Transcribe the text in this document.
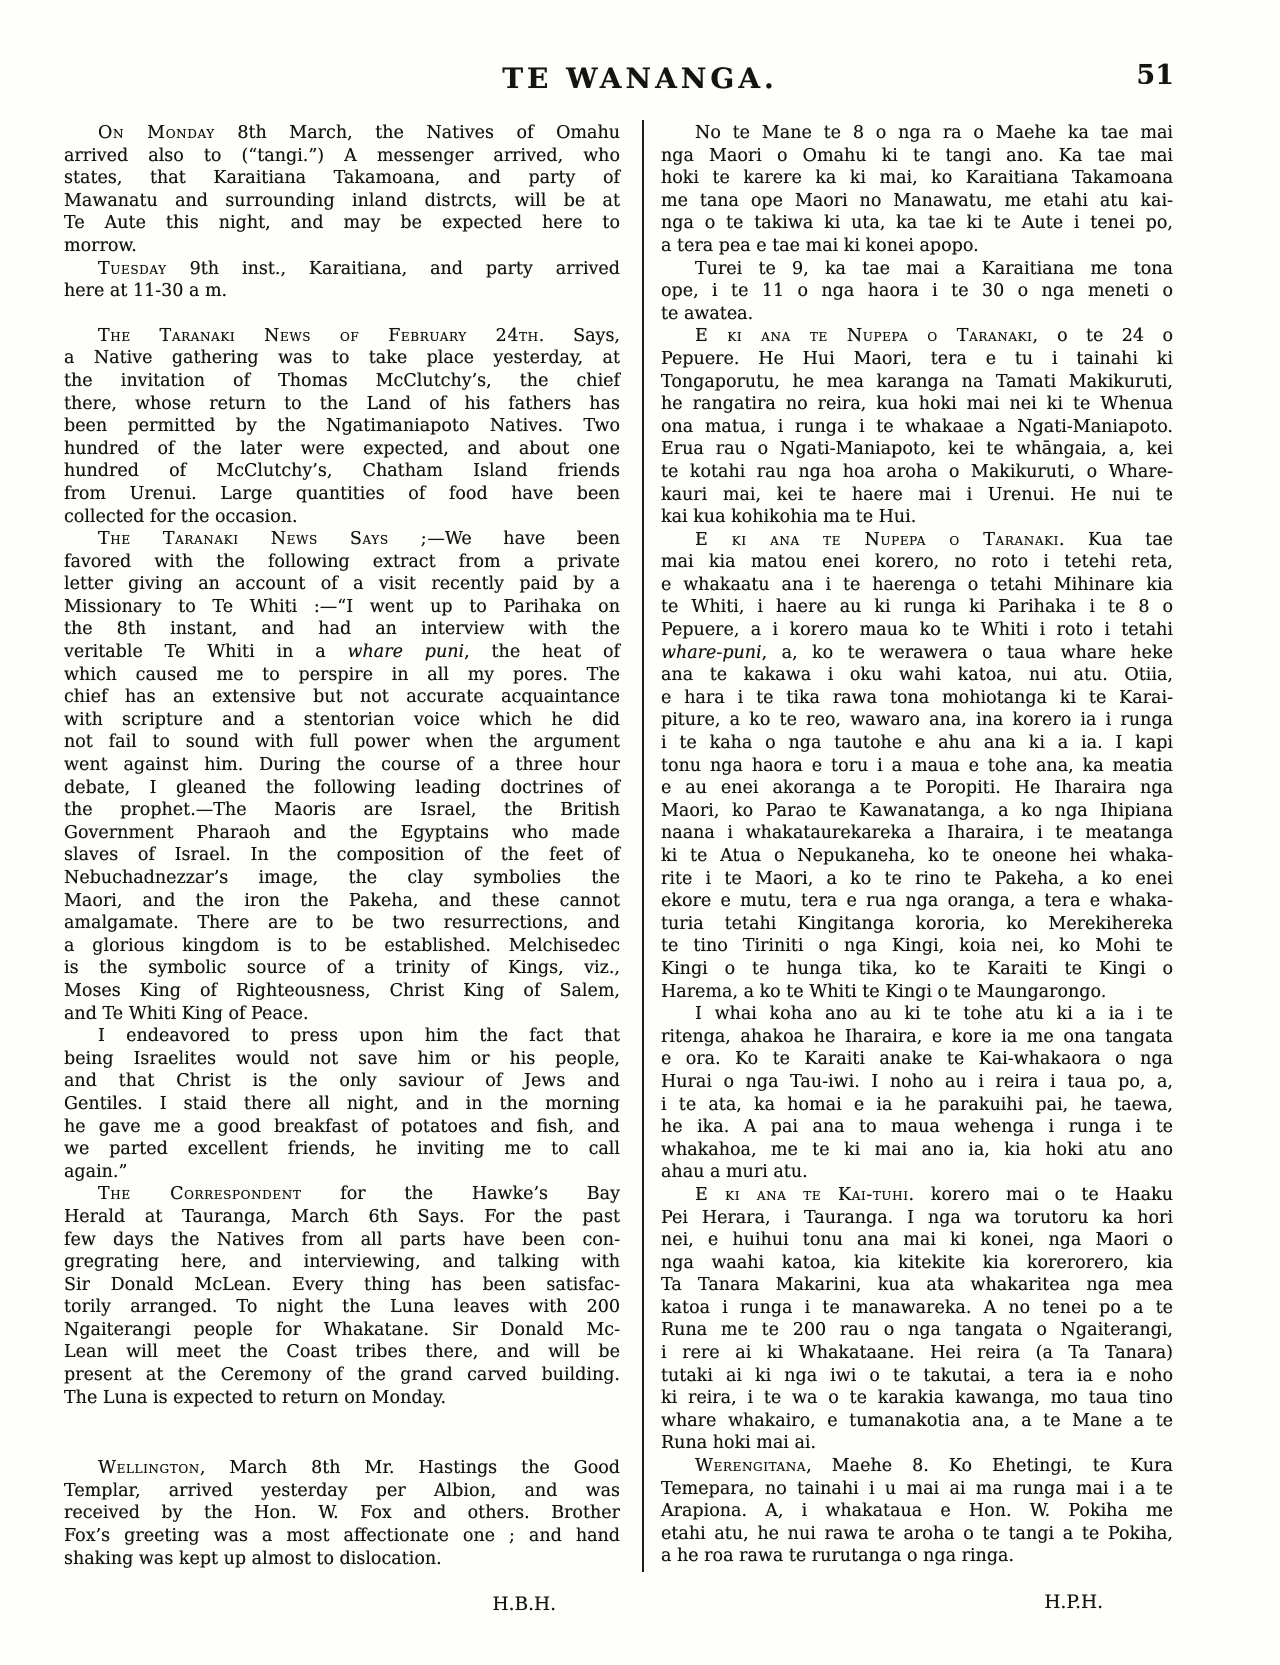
TE WANANGA.	51
On Monday 8th March, the Natives of Omahu
arrived also to (“tangi.”) A messenger arrived, who
states, that Karaitiana Takamoana, and party of
Mawanatu and surrounding inland distrcts, will be at
Te Aute this night, and may be expected here to
morrow.
Tuesday 9th inst., Karaitiana, and party arrived
here at 11-30 a m.
The Taranaki News of February 24th. Says,
a Native gathering was to take place yesterday, at
the invitation of Thomas McClutchy’s, the chief
there, whose return to the Land of his fathers has
been permitted by the Ngatimaniapoto Natives. Two
hundred of the later were expected, and about one
hundred of McClutchy’s, Chatham Island friends
from Urenui. Large quantities of food have been
collected for the occasion.
The Taranaki News Says ;—We have been
favored with the following extract from a private
letter giving an account of a visit recently paid by a
Missionary to Te Whiti :—“I went up to Parihaka on
the 8th instant, and had an interview with the
veritable Te Whiti in a whare puni, the heat of
which caused me to perspire in all my pores. The
chief has an extensive but not accurate acquaintance
with scripture and a stentorian voice which he did
not fail to sound with full power when the argument
went against him. During the course of a three hour
debate, I gleaned the following leading doctrines of
the prophet.—The Maoris are Israel, the British
Government Pharaoh and the Egyptains who made
slaves of Israel. In the composition of the feet of
Nebuchadnezzar’s image, the clay symbolies the
Maori, and the iron the Pakeha, and these cannot
amalgamate. There are to be two resurrections, and
a glorious kingdom is to be established. Melchisedec
is the symbolic source of a trinity of Kings, viz.,
Moses King of Righteousness, Christ King of Salem,
and Te Whiti King of Peace.
I endeavored to press upon him the fact that
being Israelites would not save him or his people,
and that Christ is the only saviour of Jews and
Gentiles. I staid there all night, and in the morning
he gave me a good breakfast of potatoes and fish, and
we parted excellent friends, he inviting me to call
again.”
The Correspondent for the Hawke’s Bay
Herald at Tauranga, March 6th Says. For the past
few days the Natives from all parts have been con-
gregrating here, and interviewing, and talking with
Sir Donald McLean. Every thing has been satisfac-
torily arranged. To night the Luna leaves with 200
Ngaiterangi people for Whakatane. Sir Donald Mc-
Lean will meet the Coast tribes there, and will be
present at the Ceremony of the grand carved building.
The Luna is expected to return on Monday.
Wellington, March 8th Mr. Hastings the Good
Templar, arrived yesterday per Albion, and was
received by the Hon. W. Fox and others. Brother
Fox’s greeting was a most affectionate one ; and hand
shaking was kept up almost to dislocation.
H.B.H.
No te Mane te 8 o nga ra o Maehe ka tae mai
nga Maori o Omahu ki te tangi ano. Ka tae mai
hoki te karere ka ki mai, ko Karaitiana Takamoana
me tana ope Maori no Manawatu, me etahi atu kai-
nga o te takiwa ki uta, ka tae ki te Aute i tenei po,
a tera pea e tae mai ki konei apopo.
Turei te 9, ka tae mai a Karaitiana me tona
ope, i te 11 o nga haora i te 30 o nga meneti o
te awatea.
E ki ana te Nupepa o Taranaki, o te 24 o
Pepuere. He Hui Maori, tera e tu i tainahi ki
Tongaporutu, he mea karanga na Tamati Makikuruti,
he rangatira no reira, kua hoki mai nei ki te Whenua
ona matua, i runga i te whakaae a Ngati-Maniapoto.
Erua rau o Ngati-Maniapoto, kei te whāngaia, a, kei
te kotahi rau nga hoa aroha o Makikuruti, o Whare-
kauri mai, kei te haere mai i Urenui. He nui te
kai kua kohikohia ma te Hui.
E ki ana te Nupepa o Taranaki. Kua tae
mai kia matou enei korero, no roto i tetehi reta,
e whakaatu ana i te haerenga o tetahi Mihinare kia
te Whiti, i haere au ki runga ki Parihaka i te 8 o
Pepuere, a i korero maua ko te Whiti i roto i tetahi
whare-puni, a, ko te werawera o taua whare heke
ana te kakawa i oku wahi katoa, nui atu. Otiia,
e hara i te tika rawa tona mohiotanga ki te Karai-
piture, a ko te reo, wawaro ana, ina korero ia i runga
i te kaha o nga tautohe e ahu ana ki a ia. I kapi
tonu nga haora e toru i a maua e tohe ana, ka meatia
e au enei akoranga a te Poropiti. He Iharaira nga
Maori, ko Parao te Kawanatanga, a ko nga Ihipiana
naana i whakataurekareka a Iharaira, i te meatanga
ki te Atua o Nepukaneha, ko te oneone hei whaka-
rite i te Maori, a ko te rino te Pakeha, a ko enei
ekore e mutu, tera e rua nga oranga, a tera e whaka-
turia tetahi Kingitanga kororia, ko Merekihereka
te tino Tiriniti o nga Kingi, koia nei, ko Mohi te
Kingi o te hunga tika, ko te Karaiti te Kingi o
Harema, a ko te Whiti te Kingi o te Maungarongo.
I whai koha ano au ki te tohe atu ki a ia i te
ritenga, ahakoa he Iharaira, e kore ia me ona tangata
e ora. Ko te Karaiti anake te Kai-whakaora o nga
Hurai o nga Tau-iwi. I noho au i reira i taua po, a,
i te ata, ka homai e ia he parakuihi pai, he taewa,
he ika. A pai ana to maua wehenga i runga i te
whakahoa, me te ki mai ano ia, kia hoki atu ano
ahau a muri atu.
E ki ana te Kai-tuhi. korero mai o te Haaku
Pei Herara, i Tauranga. I nga wa torutoru ka hori
nei, e huihui tonu ana mai ki konei, nga Maori o
nga waahi katoa, kia kitekite kia korerorero, kia
Ta Tanara Makarini, kua ata whakaritea nga mea
katoa i runga i te manawareka. A no tenei po a te
Runa me te 200 rau o nga tangata o Ngaiterangi,
i rere ai ki Whakataane. Hei reira (a Ta Tanara)
tutaki ai ki nga iwi o te takutai, a tera ia e noho
ki reira, i te wa o te karakia kawanga, mo taua tino
whare whakairo, e tumanakotia ana, a te Mane a te
Runa hoki mai ai.
Werengitana, Maehe 8. Ko Ehetingi, te Kura
Temepara, no tainahi i u mai ai ma runga mai i a te
Arapiona. A, i whakataua e Hon. W. Pokiha me
etahi atu, he nui rawa te aroha o te tangi a te Pokiha,
a he roa rawa te rurutanga o nga ringa.
H.P.H.
